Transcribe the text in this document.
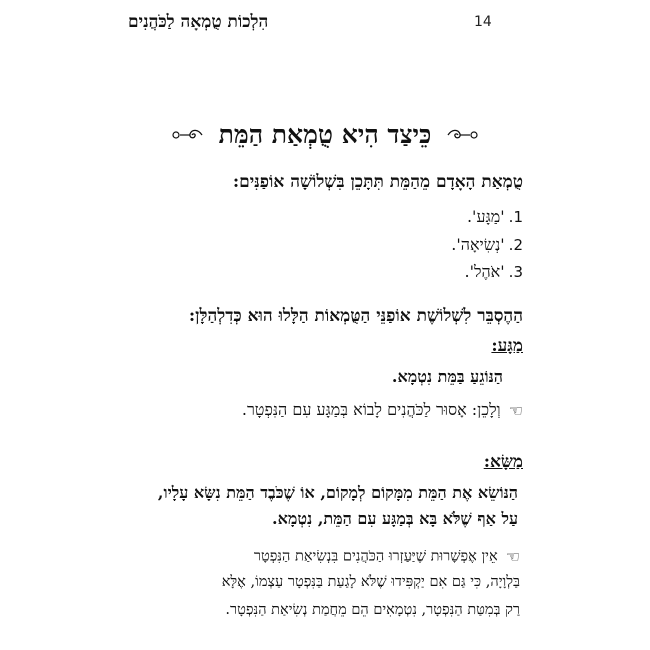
14
הִלְכוֹת טֻמְאָה לַכֹּהֲנִים
כֵּיצַד הִיא טֻמְאַת הַמֵּת
טֻמְאַת הָאָדָם מֵהַמֵּת תִּתָּכֵן בִּשְׁלוֹשָׁה אוֹפַנִּים:
1.'מַגָּע'.
2.'נְשִׂיאָה'.
3.'אֹהֶל'.
הַהֶסְבֵּר לִשְׁלוֹשֶׁת אוֹפַנֵּי הַטֻּמְאוֹת הַלָּלוּ הוּא כְּדִלְהַלָּן:
מַגָּע:
הַנּוֹגֵעַ בַּמֵּת נִטְמָא.
☜וְלָכֵן: אָסוּר לַכֹּהֲנִים לָבוֹא בְּמַגָּע עִם הַנִּפְטָר.
מַשָּׂא:
הַנּוֹשֵׂא אֶת הַמֵּת מִמָּקוֹם לְמָקוֹם, אוֹ שֶׁכֹּבֶד הַמֵּת נִשָּׂא עָלָיו,
עַל אַף שֶׁלֹּא בָּא בְּמַגָּע עִם הַמֵּת, נִטְמָא.
☜אֵין אֶפְשָׁרוּת שֶׁיַּעַזְרוּ הַכֹּהֲנִים בִּנְשִׂיאַת הַנִּפְטָר
בַּלְוָיָה, כִּי גַּם אִם יַקְפִּידוּ שֶׁלֹּא לָגַעַת בַּנִּפְטָר עַצְמוֹ, אֶלָּא
רַק בְּמִטַּת הַנִּפְטָר, נִטְמָאִים הֵם מֵחֲמַת נְשִׂיאַת הַנִּפְטָר.
